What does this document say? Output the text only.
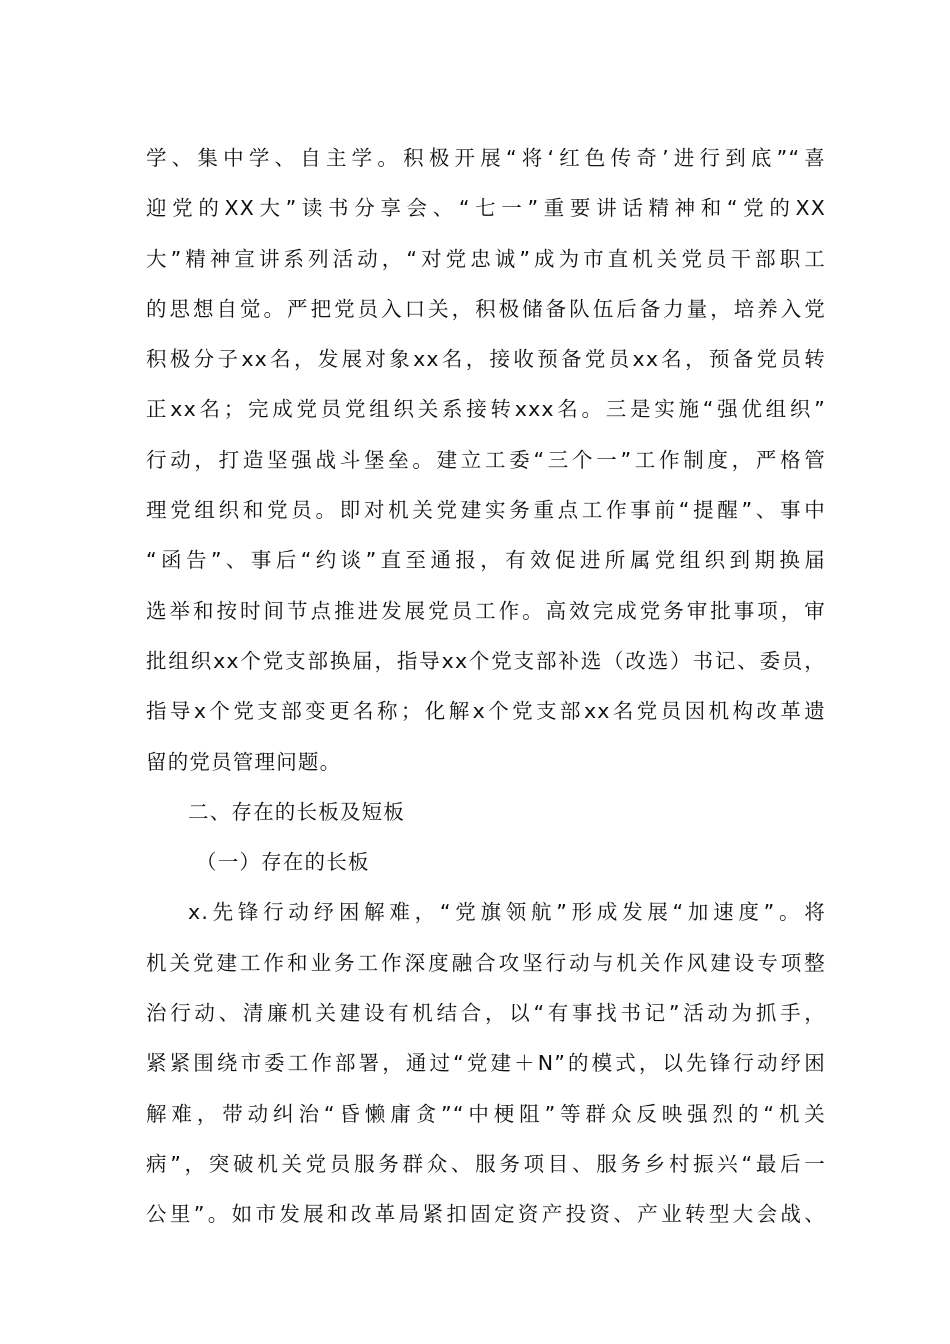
学、集中学、自主学。积极开展“将‘红色传奇’进行到底”“喜
迎党的XX大”读书分享会、“七一”重要讲话精神和“党的XX
大”精神宣讲系列活动，“对党忠诚”成为市直机关党员干部职工
的思想自觉。严把党员入口关，积极储备队伍后备力量，培养入党
积极分子xx名，发展对象xx名，接收预备党员xx名，预备党员转
正xx名；完成党员党组织关系接转xxx名。三是实施“强优组织”
行动，打造坚强战斗堡垒。建立工委“三个一”工作制度，严格管
理党组织和党员。即对机关党建实务重点工作事前“提醒”、事中
“函告”、事后“约谈”直至通报，有效促进所属党组织到期换届
选举和按时间节点推进发展党员工作。高效完成党务审批事项，审
批组织xx个党支部换届，指导xx个党支部补选（改选）书记、委员，
指导x个党支部变更名称；化解x个党支部xx名党员因机构改革遗
留的党员管理问题。
二、存在的长板及短板
（一）存在的长板
x.先锋行动纾困解难，“党旗领航”形成发展“加速度”。将
机关党建工作和业务工作深度融合攻坚行动与机关作风建设专项整
治行动、清廉机关建设有机结合，以“有事找书记”活动为抓手，
紧紧围绕市委工作部署，通过“党建＋N”的模式，以先锋行动纾困
解难，带动纠治“昏懒庸贪”“中梗阻”等群众反映强烈的“机关
病”，突破机关党员服务群众、服务项目、服务乡村振兴“最后一
公里”。如市发展和改革局紧扣固定资产投资、产业转型大会战、
